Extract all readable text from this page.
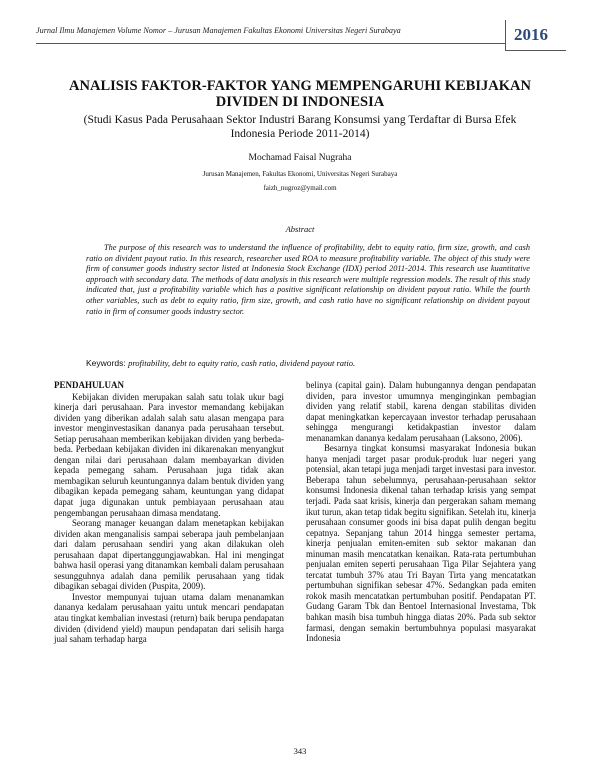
Jurnal Ilmu Manajemen Volume Nomor – Jurusan Manajemen Fakultas Ekonomi Universitas Negeri Surabaya	2016
ANALISIS FAKTOR-FAKTOR YANG MEMPENGARUHI KEBIJAKAN DIVIDEN DI INDONESIA
(Studi Kasus Pada Perusahaan Sektor Industri Barang Konsumsi yang Terdaftar di Bursa Efek Indonesia Periode 2011-2014)
Mochamad Faisal Nugraha
Jurusan Manajemen, Fakultas Ekonomi, Universitas Negeri Surabaya
faizh_nugroz@ymail.com
Abstract

The purpose of this research was to understand the influence of profitability, debt to equity ratio, firm size, growth, and cash ratio on divident payout ratio. In this research, researcher used ROA to measure profitability variable. The object of this study were firm of consumer goods industry sector listed at Indonesia Stock Exchange (IDX) period 2011-2014. This research use kuantitative approach with secondary data. The methods of data analysis in this research were multiple regression models. The result of this study indicated that, just a profitability variable which has a positive significant relationship on divident payout ratio. While the fourth other variables, such as debt to equity ratio, firm size, growth, and cash ratio have no significant relationship on divident payout ratio in firm of consumer goods industry sector.

Keywords: profitability, debt to equity ratio, cash ratio, dividend payout ratio.
PENDAHULUAN

Kebijakan dividen merupakan salah satu tolak ukur bagi kinerja dari perusahaan. Para investor memandang kebijakan dividen yang diberikan adalah salah satu alasan mengapa para investor menginvestasikan dananya pada perusahaan tersebut. Setiap perusahaan memberikan kebijakan dividen yang berbeda-beda. Perbedaan kebijakan dividen ini dikarenakan menyangkut dengan nilai dari perusahaan dalam membayarkan dividen kepada pemegang saham. Perusahaan juga tidak akan membagikan seluruh keuntungannya dalam bentuk dividen yang dibagikan kepada pemegang saham, keuntungan yang didapat dapat juga digunakan untuk pembiayaan perusahaan atau pengembangan perusahaan dimasa mendatang.

Seorang manager keuangan dalam menetapkan kebijakan dividen akan menganalisis sampai seberapa jauh pembelanjaan dari dalam perusahaan sendiri yang akan dilakukan oleh perusahaan dapat dipertanggungjawabkan. Hal ini mengingat bahwa hasil operasi yang ditanamkan kembali dalam perusahaan sesungguhnya adalah dana pemilik perusahaan yang tidak dibagikan sebagai dividen (Puspita, 2009).

Investor mempunyai tujuan utama dalam menanamkan dananya kedalam perusahaan yaitu untuk mencari pendapatan atau tingkat kembalian investasi (return) baik berupa pendapatan dividen (dividend yield) maupun pendapatan dari selisih harga jual saham terhadap harga

belinya (capital gain). Dalam hubungannya dengan pendapatan dividen, para investor umumnya menginginkan pembagian dividen yang relatif stabil, karena dengan stabilitas dividen dapat meningkatkan kepercayaan investor terhadap perusahaan sehingga mengurangi ketidakpastian investor dalam menanamkan dananya kedalam perusahaan (Laksono, 2006).

Besarnya tingkat konsumsi masyarakat Indonesia bukan hanya menjadi target pasar produk-produk luar negeri yang potensial, akan tetapi juga menjadi target investasi para investor. Beberapa tahun sebelumnya, perusahaan-perusahaan sektor konsumsi Indonesia dikenal tahan terhadap krisis yang sempat terjadi. Pada saat krisis, kinerja dan pergerakan saham memang ikut turun, akan tetap tidak begitu signifikan. Setelah itu, kinerja perusahaan consumer goods ini bisa dapat pulih dengan begitu cepatnya. Sepanjang tahun 2014 hingga semester pertama, kinerja penjualan emiten-emiten sub sektor makanan dan minuman masih mencatatkan kenaikan. Rata-rata pertumbuhan penjualan emiten seperti perusahaan Tiga Pilar Sejahtera yang tercatat tumbuh 37% atau Tri Bayan Tirta yang mencatatkan pertumbuhan signifikan sebesar 47%. Sedangkan pada emiten rokok masih mencatatkan pertumbuhan positif. Pendapatan PT. Gudang Garam Tbk dan Bentoel Internasional Investama, Tbk bahkan masih bisa tumbuh hingga diatas 20%. Pada sub sektor farmasi, dengan semakin bertumbuhnya populasi masyarakat Indonesia

343
